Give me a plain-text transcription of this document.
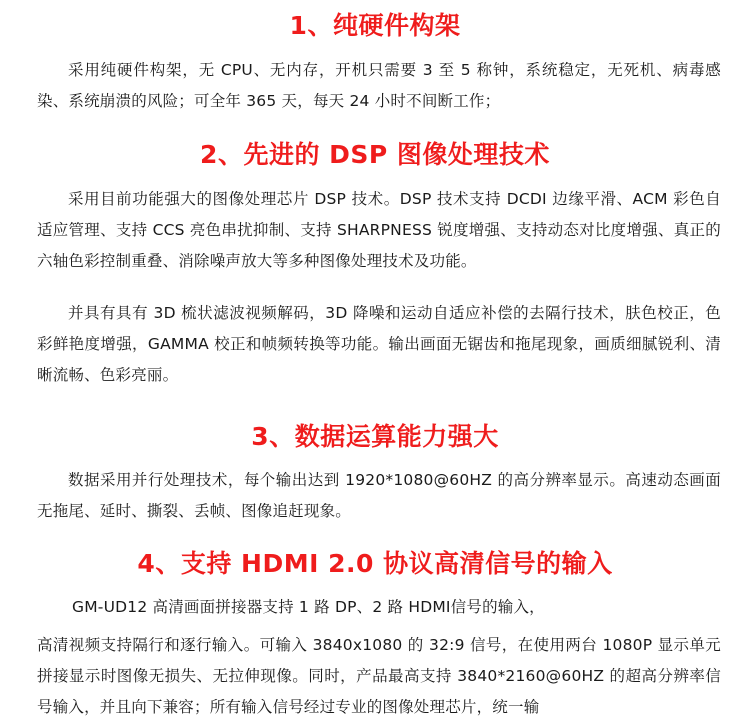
1、纯硬件构架

采用纯硬件构架，无 CPU、无内存，开机只需要 3 至 5 称钟，系统稳定，无死机、病毒感染、系统崩溃的风险；可全年 365 天，每天 24 小时不间断工作；

2、先进的 DSP 图像处理技术

采用目前功能强大的图像处理芯片 DSP 技术。DSP 技术支持 DCDI 边缘平滑、ACM 彩色自适应管理、支持 CCS 亮色串扰抑制、支持 SHARPNESS 锐度增强、支持动态对比度增强、真正的六轴色彩控制重叠、消除噪声放大等多种图像处理技术及功能。

并具有具有 3D 梳状滤波视频解码，3D 降噪和运动自适应补偿的去隔行技术，肤色校正，色彩鲜艳度增强，GAMMA 校正和帧频转换等功能。输出画面无锯齿和拖尾现象，画质细腻锐利、清晰流畅、色彩亮丽。

3、数据运算能力强大

数据采用并行处理技术，每个输出达到 1920*1080@60HZ 的高分辨率显示。高速动态画面无拖尾、延时、撕裂、丢帧、图像追赶现象。

4、支持 HDMI 2.0 协议高清信号的输入
GM-UD12 高清画面拼接器支持 1 路 DP、2 路 HDMI信号的输入，

高清视频支持隔行和逐行输入。可输入 3840x1080 的 32:9 信号，在使用两台 1080P 显示单元拼接显示时图像无损失、无拉伸现像。同时，产品最高支持 3840*2160@60HZ 的超高分辨率信号输入，并且向下兼容；所有输入信号经过专业的图像处理芯片，统一输
